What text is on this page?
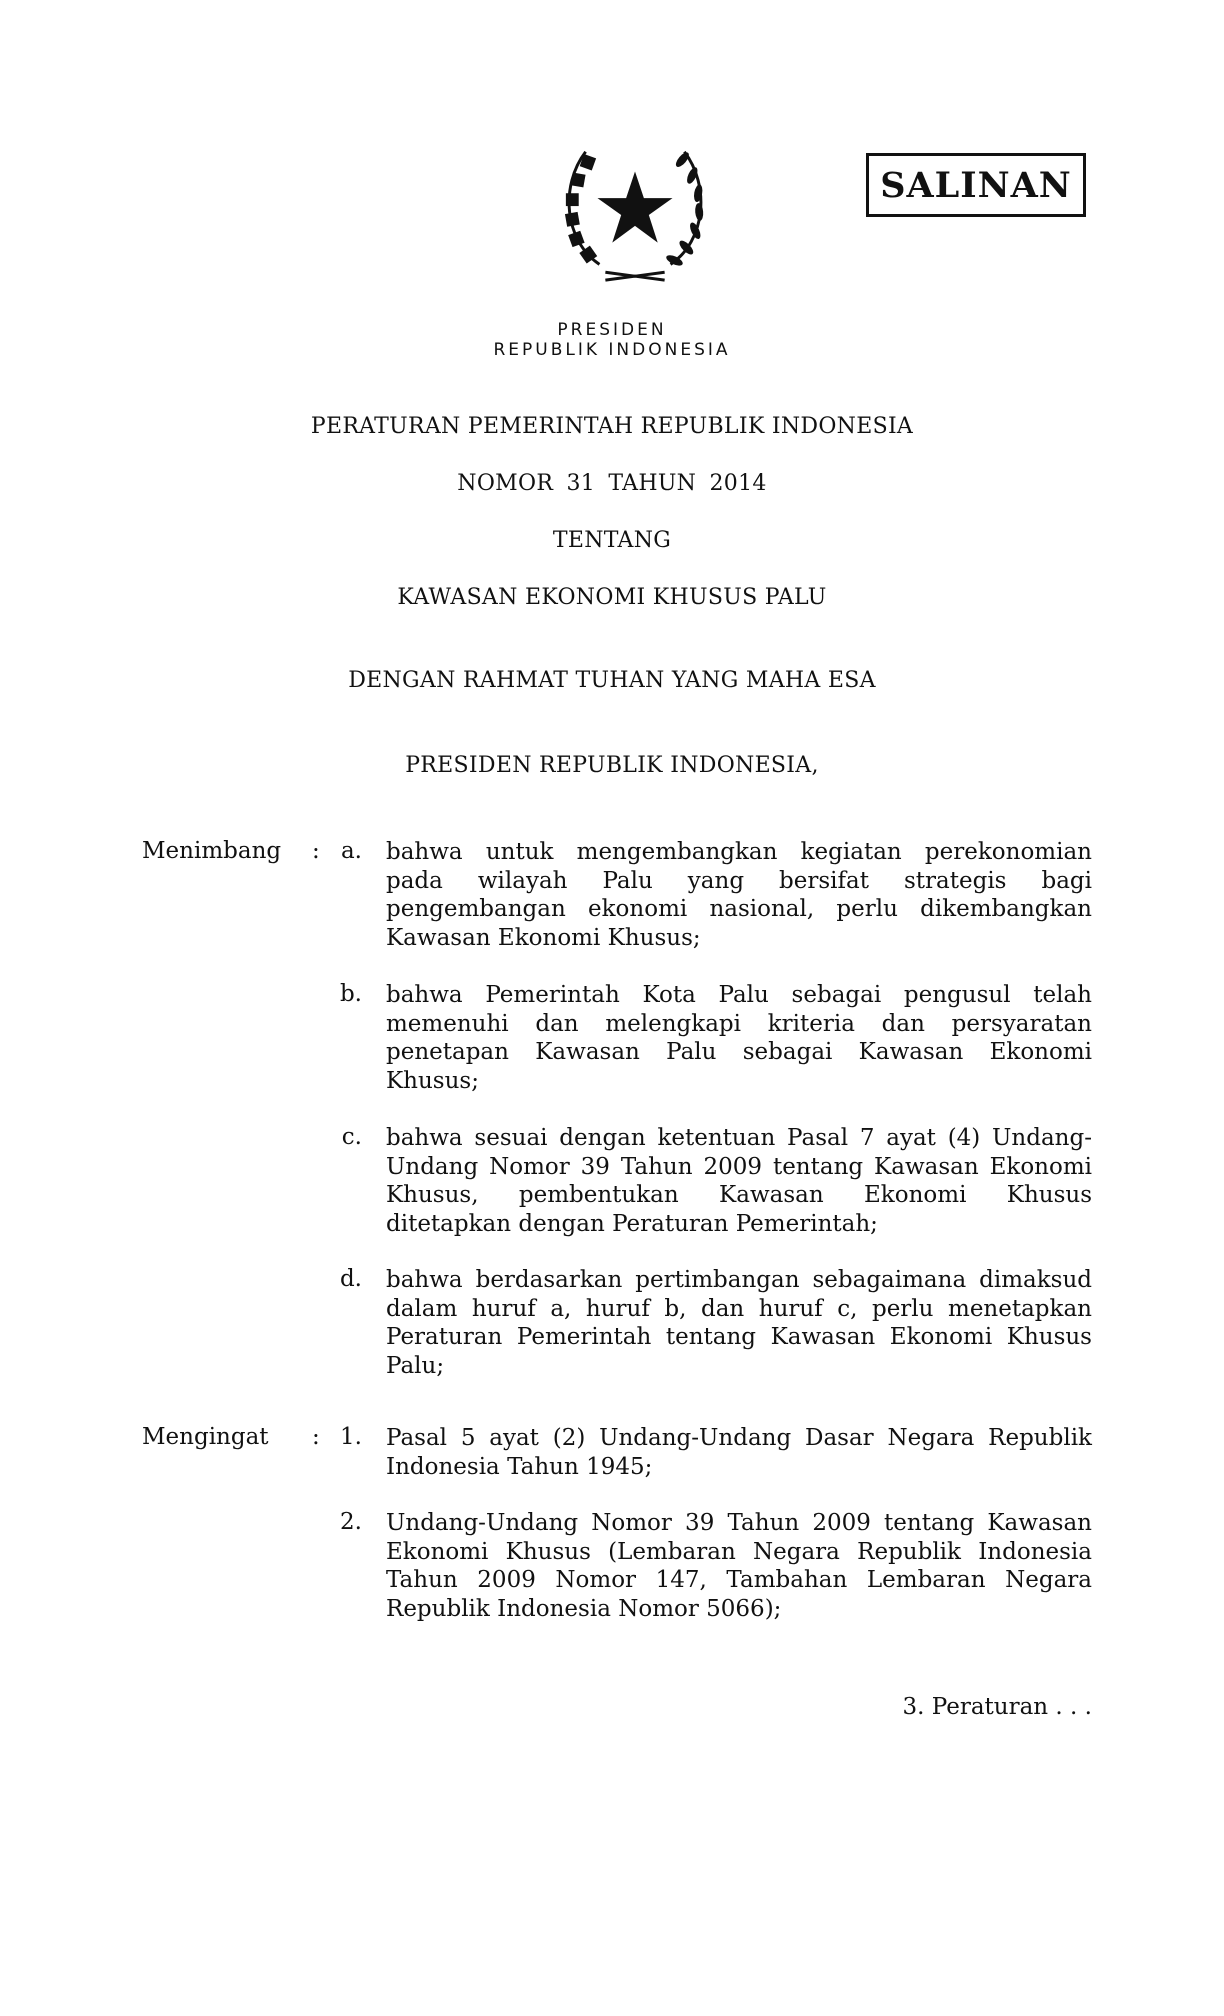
SALINAN
PRESIDEN
REPUBLIK INDONESIA
PERATURAN PEMERINTAH REPUBLIK INDONESIA
NOMOR 31 TAHUN 2014
TENTANG
KAWASAN EKONOMI KHUSUS PALU
DENGAN RAHMAT TUHAN YANG MAHA ESA
PRESIDEN REPUBLIK INDONESIA,
Menimbang : a. bahwa untuk mengembangkan kegiatan perekonomian pada wilayah Palu yang bersifat strategis bagi pengembangan ekonomi nasional, perlu dikembangkan Kawasan Ekonomi Khusus;
b. bahwa Pemerintah Kota Palu sebagai pengusul telah memenuhi dan melengkapi kriteria dan persyaratan penetapan Kawasan Palu sebagai Kawasan Ekonomi Khusus;
c. bahwa sesuai dengan ketentuan Pasal 7 ayat (4) Undang-Undang Nomor 39 Tahun 2009 tentang Kawasan Ekonomi Khusus, pembentukan Kawasan Ekonomi Khusus ditetapkan dengan Peraturan Pemerintah;
d. bahwa berdasarkan pertimbangan sebagaimana dimaksud dalam huruf a, huruf b, dan huruf c, perlu menetapkan Peraturan Pemerintah tentang Kawasan Ekonomi Khusus Palu;
Mengingat : 1. Pasal 5 ayat (2) Undang-Undang Dasar Negara Republik Indonesia Tahun 1945;
2. Undang-Undang Nomor 39 Tahun 2009 tentang Kawasan Ekonomi Khusus (Lembaran Negara Republik Indonesia Tahun 2009 Nomor 147, Tambahan Lembaran Negara Republik Indonesia Nomor 5066);
3. Peraturan . . .
